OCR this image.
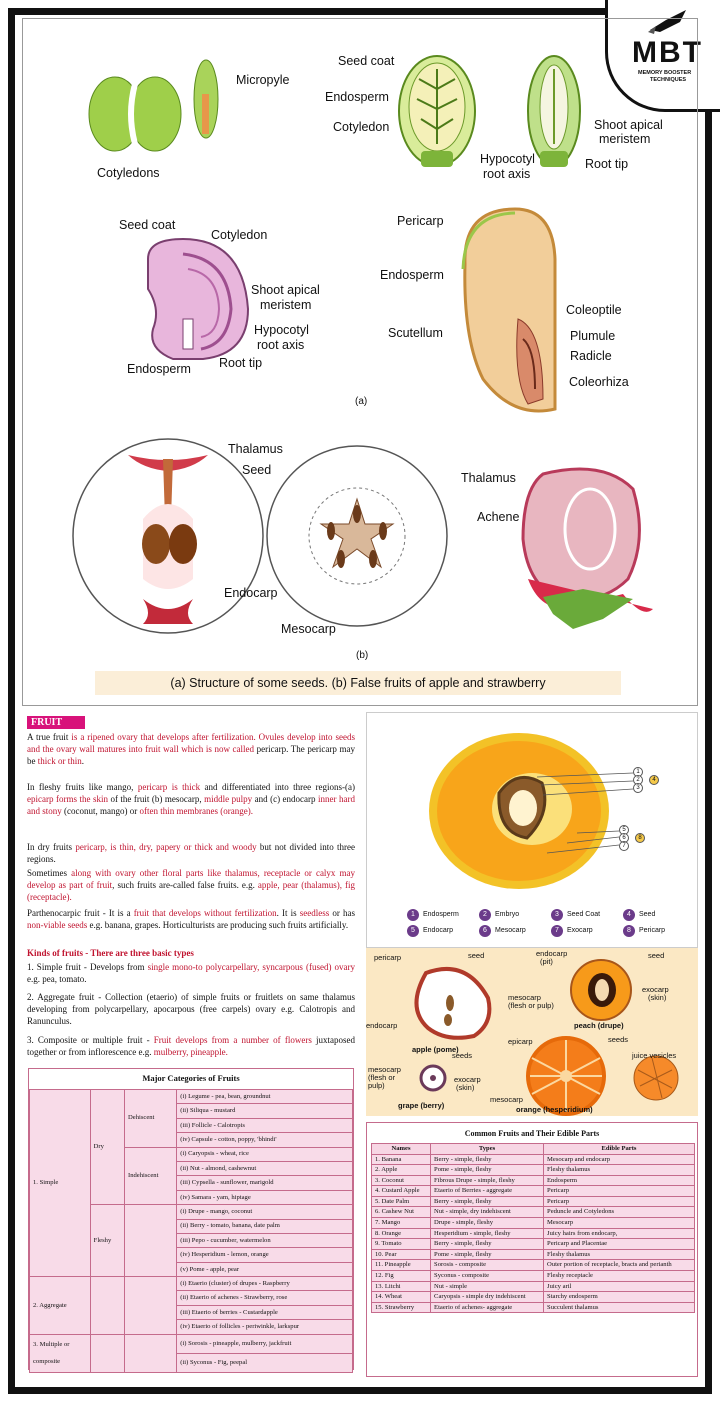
MBT
MEMORY BOOSTER
TECHNIQUES
Cotyledons
Micropyle
Seed coat
Endosperm
Cotyledon
Hypocotyl
root axis
Shoot apical
meristem
Root tip
Seed coat
Cotyledon
Shoot apical
meristem
Hypocotyl
root axis
Endosperm Root tip
Pericarp
Endosperm
Scutellum
Coleoptile
Plumule
Radicle
Coleorhiza
(a)
Thalamus
Seed
Endocarp
Mesocarp
Thalamus
Achene
(b)
(a) Structure of some seeds. (b) False fruits of apple and strawberry
FRUIT
A true fruit is a ripened ovary that develops after fertilization. Ovules develop into seeds and the ovary wall matures into fruit wall which is now called pericarp. The pericarp may be thick or thin.
In fleshy fruits like mango, pericarp is thick and differentiated into three regions-(a) epicarp forms the skin of the fruit (b) mesocarp, middle pulpy and (c) endocarp inner hard and stony (coconut, mango) or often thin membranes (orange).
In dry fruits pericarp, is thin, dry, papery or thick and woody but not divided into three regions.
Sometimes along with ovary other floral parts like thalamus, receptacle or calyx may develop as part of fruit, such fruits are-called false fruits. e.g. apple, pear (thalamus), fig (receptacle).
Parthenocarpic fruit - It is a fruit that develops without fertilization. It is seedless or has non-viable seeds e.g. banana, grapes. Horticulturists are producing such fruits artificially.
Kinds of fruits - There are three basic types
1. Simple fruit - Develops from single mono-to polycarpellary, syncarpous (fused) ovary e.g. pea, tomato.
2. Aggregate fruit - Collection (etaerio) of simple fruits or fruitlets on same thalamus developing from polycarpellary, apocarpous (free carpels) ovary e.g. Calotropis and Ranunculus.
3. Composite or multiple fruit - Fruit develops from a number of flowers juxtaposed together or from inflorescence e.g. mulberry, pineapple.
Major Categories of Fruits
1. Simple	Dry	Dehiscent	(i) Legume - pea, bean, groundnut
			(ii) Siliqua - mustard
			(iii) Follicle - Calotropis
			(iv) Capsule - cotton, poppy, 'bhindi'
		Indehiscent	(i) Caryopsis - wheat, rice
			(ii) Nut - almond, cashewnut
			(iii) Cypsella - sunflower, marigold
			(iv) Samara - yam, hiptage
	Fleshy		(i) Drupe - mango, coconut
			(ii) Berry - tomato, banana, date palm
			(iii) Pepo - cucumber, watermelon
			(iv) Hesperidium - lemon, orange
			(v) Pome - apple, pear
2. Aggregate			(i) Etaerio (cluster) of drupes - Raspberry
			(ii) Etaerio of achenes - Strawberry, rose
			(iii) Etaerio of berries - Custardapple
			(iv) Etaerio of follicles - periwinkle, larkspur

3. Multiple or
composite			(i) Sorosis - pineapple, mulberry, jackfruit
			(ii) Syconus - Fig, peepal
1
2
3
4
5
6
7
8
1 Endosperm	2 Embryo	3 Seed Coat	4 Seed
5 Endocarp	6 Mesocarp	7 Exocarp	8 Pericarp
pericarp	seed
endocarp
apple (pome)
endocarp
(pit)
seed
mesocarp
(flesh or pulp)
exocarp
(skin)
peach (drupe)
mesocarp
(flesh or
pulp)
seeds
exocarp
(skin)
grape (berry)
epicarp	seeds
mesocarp
orange (hesperidium)
juice vesicles
Common Fruits and Their Edible Parts
Names	Types	Edible Parts
1. Banana	Berry - simple, fleshy	Mesocarp and endocarp
2. Apple	Pome - simple, fleshy	Fleshy thalamus
3. Coconut	Fibrous Drupe - simple, fleshy	Endosperm
4. Custard Apple	Etaerio of Berries - aggregate	Pericarp
5. Date Palm	Berry - simple, fleshy	Pericarp
6. Cashew Nut	Nut - simple, dry indehiscent	Peduncle and Cotyledons
7. Mango	Drupe - simple, fleshy	Mesocarp
8. Orange	Hesperidium - simple, fleshy	Juicy hairs from endocarp,
9. Tomato	Berry - simple, fleshy	Pericarp and Placentae
10. Pear	Pome - simple, fleshy	Fleshy thalamus
11. Pineapple	Sorosis - composite	Outer portion of receptacle, bracts and perianth
12. Fig	Syconus - composite	Fleshy receptacle
13. Litchi	Nut - simple	Juicy aril
14. Wheat	Caryopsis - simple dry indehiscent	Starchy endosperm
15. Strawberry	Etaerio of achenes- aggregate	Succulent thalamus
